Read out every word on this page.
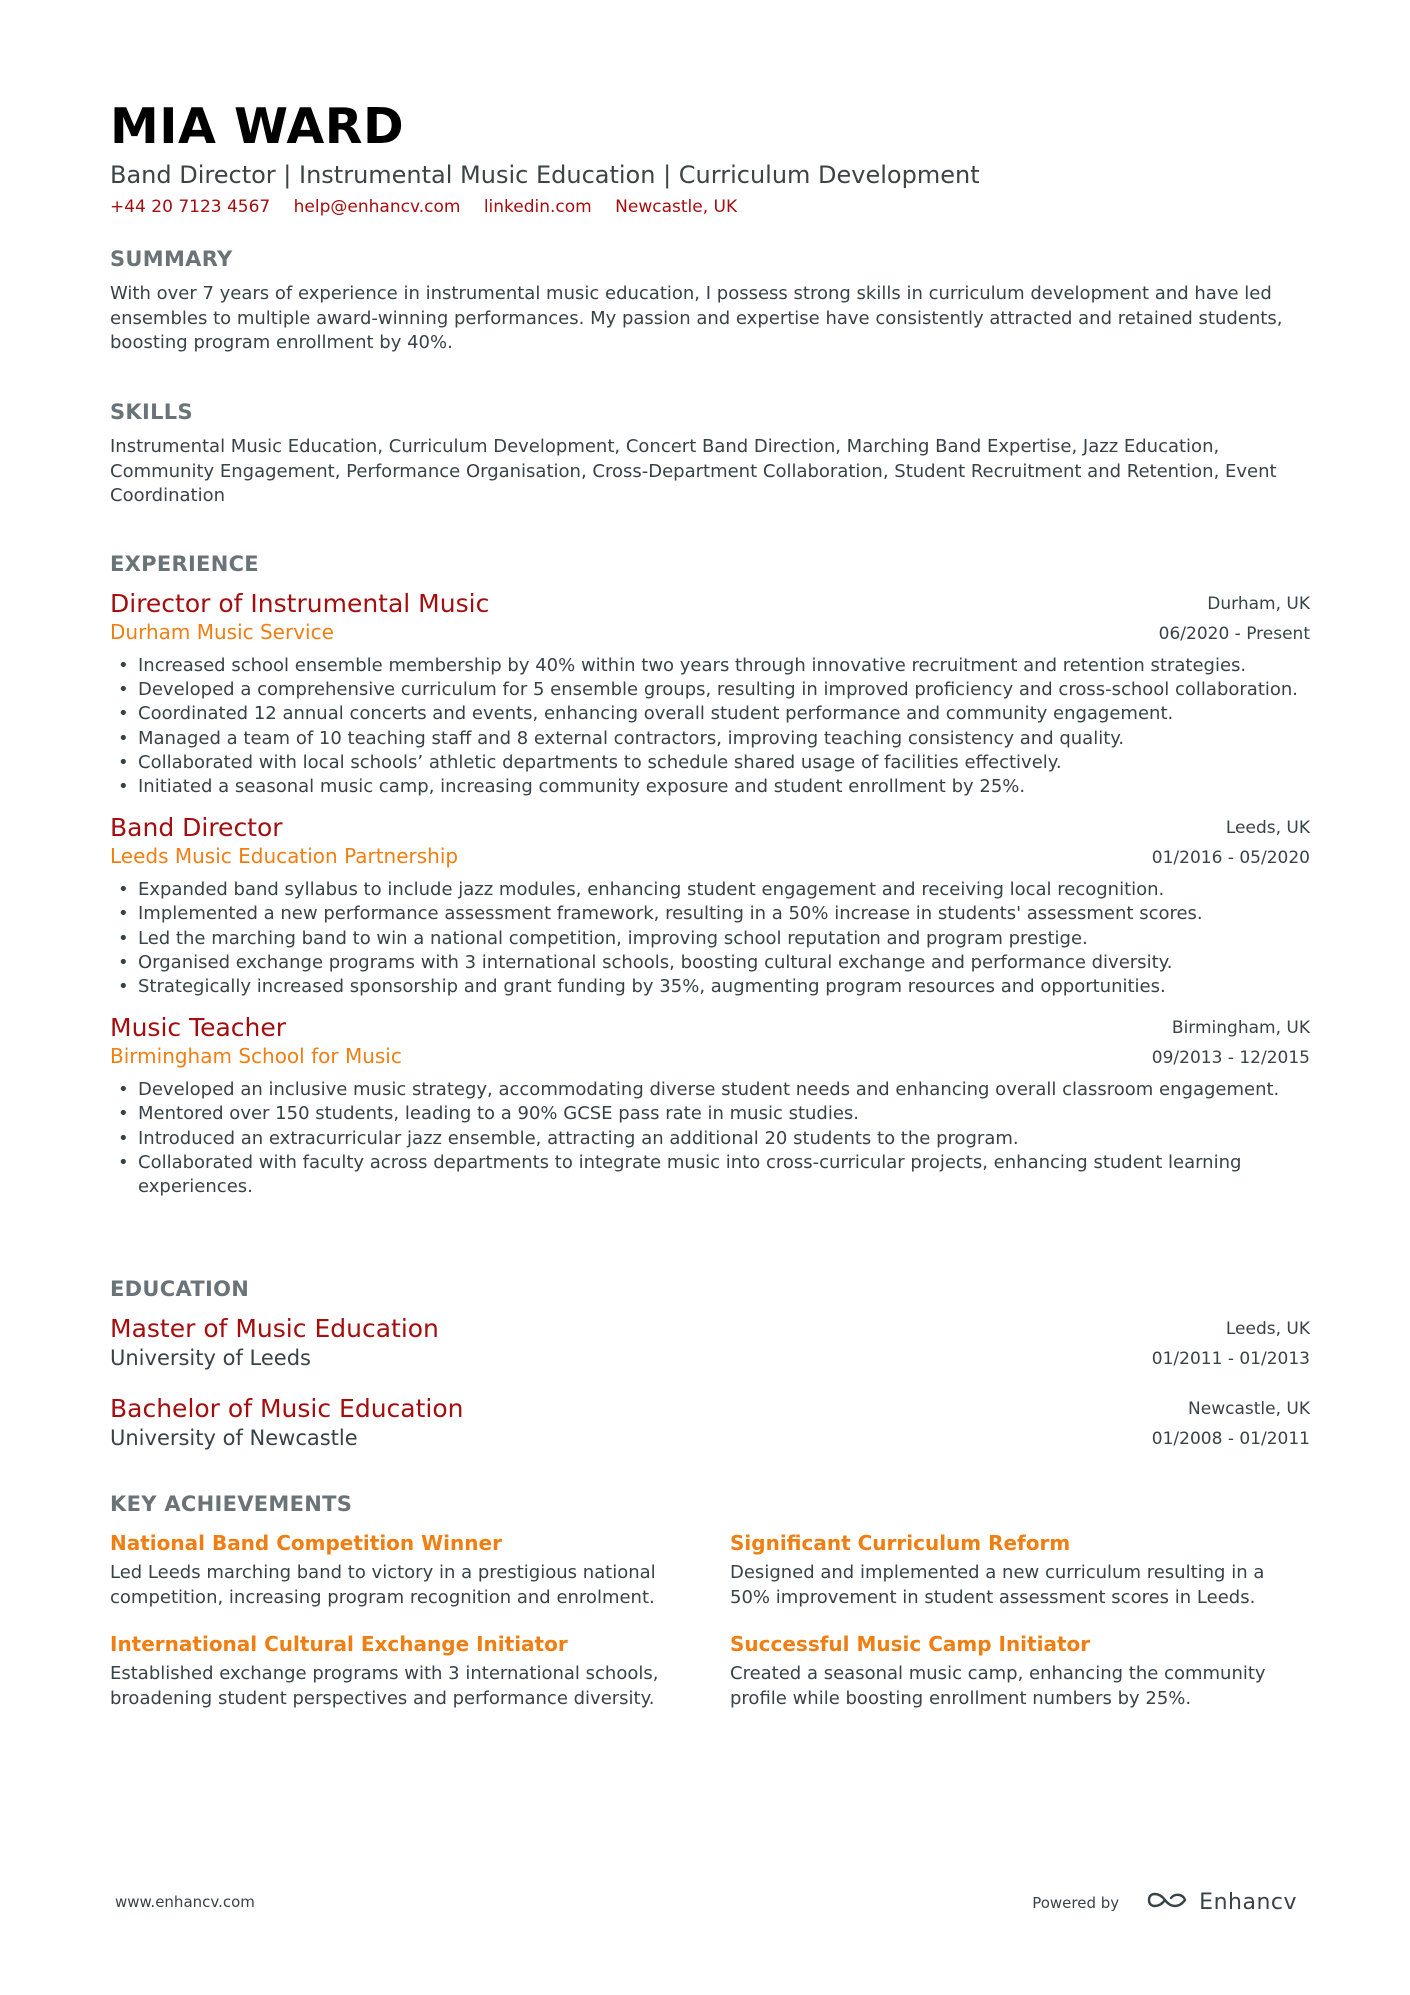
MIA WARD
Band Director | Instrumental Music Education | Curriculum Development
+44 20 7123 4567 help@enhancv.com linkedin.com Newcastle, UK
SUMMARY
With over 7 years of experience in instrumental music education, I possess strong skills in curriculum development and have led ensembles to multiple award-winning performances. My passion and expertise have consistently attracted and retained students, boosting program enrollment by 40%.
SKILLS
Instrumental Music Education, Curriculum Development, Concert Band Direction, Marching Band Expertise, Jazz Education, Community Engagement, Performance Organisation, Cross-Department Collaboration, Student Recruitment and Retention, Event Coordination
EXPERIENCE
Director of Instrumental Music
Durham Music Service
Durham, UK
06/2020 - Present
• Increased school ensemble membership by 40% within two years through innovative recruitment and retention strategies.
• Developed a comprehensive curriculum for 5 ensemble groups, resulting in improved proficiency and cross-school collaboration.
• Coordinated 12 annual concerts and events, enhancing overall student performance and community engagement.
• Managed a team of 10 teaching staff and 8 external contractors, improving teaching consistency and quality.
• Collaborated with local schools’ athletic departments to schedule shared usage of facilities effectively.
• Initiated a seasonal music camp, increasing community exposure and student enrollment by 25%.
Band Director
Leeds Music Education Partnership
Leeds, UK
01/2016 - 05/2020
• Expanded band syllabus to include jazz modules, enhancing student engagement and receiving local recognition.
• Implemented a new performance assessment framework, resulting in a 50% increase in students' assessment scores.
• Led the marching band to win a national competition, improving school reputation and program prestige.
• Organised exchange programs with 3 international schools, boosting cultural exchange and performance diversity.
• Strategically increased sponsorship and grant funding by 35%, augmenting program resources and opportunities.
Music Teacher
Birmingham School for Music
Birmingham, UK
09/2013 - 12/2015
• Developed an inclusive music strategy, accommodating diverse student needs and enhancing overall classroom engagement.
• Mentored over 150 students, leading to a 90% GCSE pass rate in music studies.
• Introduced an extracurricular jazz ensemble, attracting an additional 20 students to the program.
• Collaborated with faculty across departments to integrate music into cross-curricular projects, enhancing student learning experiences.
EDUCATION
Master of Music Education
University of Leeds
Leeds, UK
01/2011 - 01/2013
Bachelor of Music Education
University of Newcastle
Newcastle, UK
01/2008 - 01/2011
KEY ACHIEVEMENTS
National Band Competition Winner
Led Leeds marching band to victory in a prestigious national competition, increasing program recognition and enrolment.
Significant Curriculum Reform
Designed and implemented a new curriculum resulting in a 50% improvement in student assessment scores in Leeds.
International Cultural Exchange Initiator
Established exchange programs with 3 international schools, broadening student perspectives and performance diversity.
Successful Music Camp Initiator
Created a seasonal music camp, enhancing the community profile while boosting enrollment numbers by 25%.
www.enhancv.com	Powered by	Enhancv
